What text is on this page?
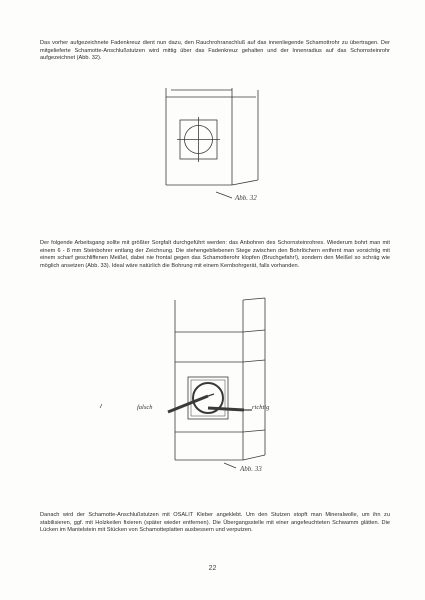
Das vorher aufgezeichnete Fadenkreuz dient nun dazu, den Rauchrohranschluß auf das innenliegende Schamottrohr zu übertragen. Der mitgelieferte Schamotte-Anschlußstutzen wird mittig über das Fadenkreuz gehalten und der Innenradius auf das Schornsteinrohr aufgezeichnet (Abb. 32).
Abb. 32
Der folgende Arbeitsgang sollte mit größter Sorgfalt durchgeführt werden: das Anbohren des Schornsteinrohres. Wiederum bohrt man mit einem 6 - 8 mm Steinbohrer entlang der Zeichnung. Die stehengebliebenen Stege zwischen den Bohrlöchern entfernt man vorsichtig mit einem scharf geschliffenen Meißel, dabei nie frontal gegen das Schamotterohr klopfen (Bruchgefahr!), sondern den Meißel so schräg wie möglich ansetzen (Abb. 33). Ideal wäre natürlich die Bohrung mit einem Kernbohrgerät, falls vorhanden.
falsch	richtig
Abb. 33
Danach wird der Schamotte-Anschlußstutzen mit OSALIT Kleber angeklebt. Um den Stutzen stopft man Mineralwolle, um ihn zu stabilisieren, ggf. mit Holzkeilen fixieren (später wieder entfernen). Die Übergangsstelle mit einer angefeuchteten Schwamm glätten. Die Lücken im Mantelstein mit Stücken von Schamotteplatten ausbessern und verputzen.
22
